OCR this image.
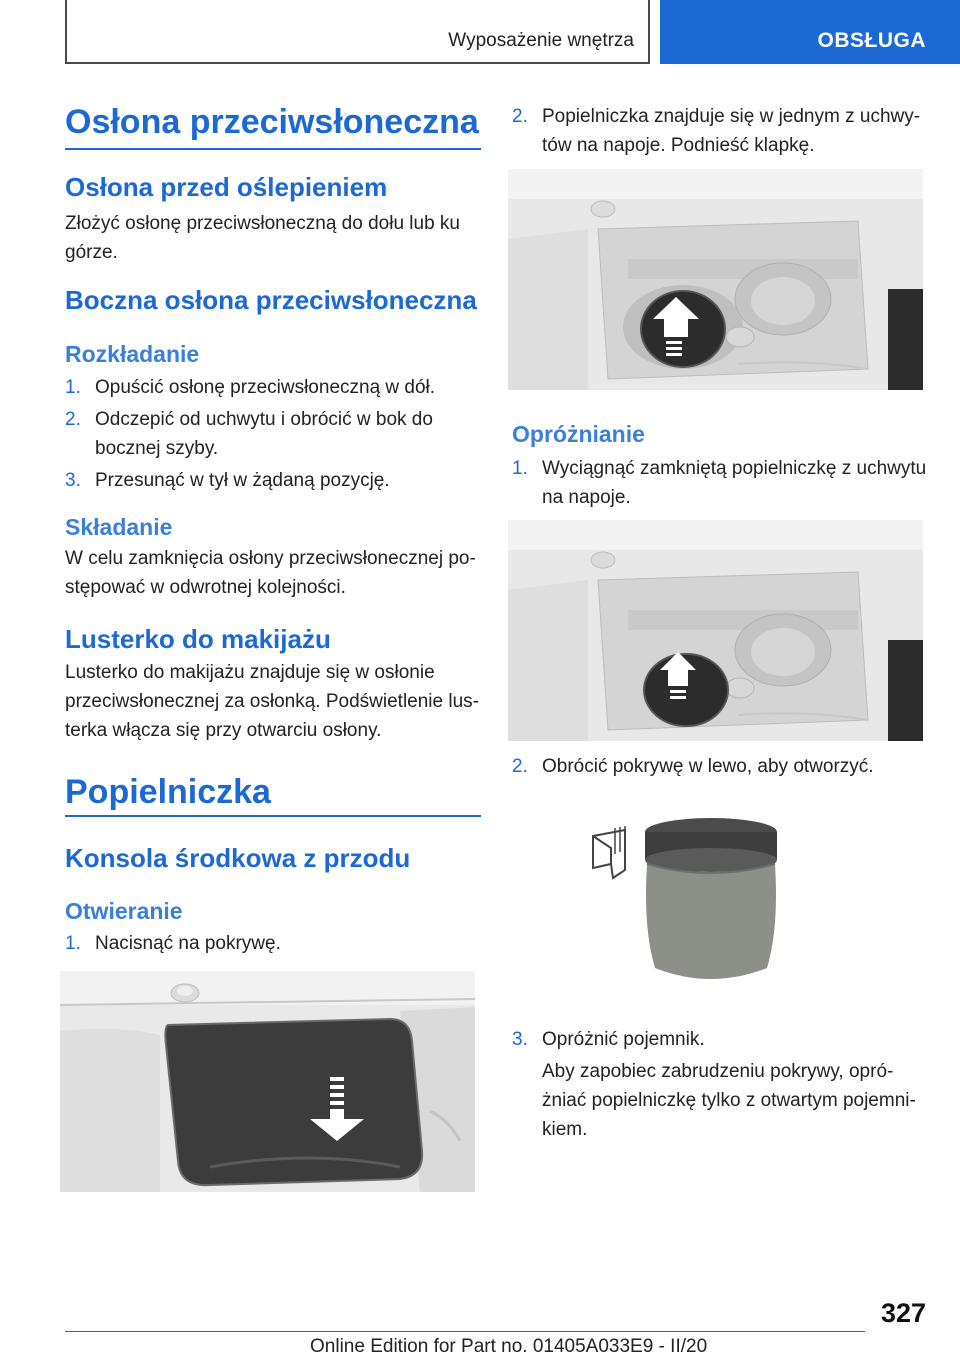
Wyposażenie wnętrza	OBSŁUGA
Osłona przeciwsłoneczna
Osłona przed oślepieniem
Złożyć osłonę przeciwsłoneczną do dołu lub ku
górze.
Boczna osłona przeciwsłoneczna
Rozkładanie
1. Opuścić osłonę przeciwsłoneczną w dół.
2. Odczepić od uchwytu i obrócić w bok do
bocznej szyby.
3. Przesunąć w tył w żądaną pozycję.
Składanie
W celu zamknięcia osłony przeciwsłonecznej po-
stępować w odwrotnej kolejności.
Lusterko do makijażu
Lusterko do makijażu znajduje się w osłonie
przeciwsłonecznej za osłonką. Podświetlenie lus-
terka włącza się przy otwarciu osłony.
Popielniczka
Konsola środkowa z przodu
Otwieranie
1. Nacisnąć na pokrywę.
2. Popielniczka znajduje się w jednym z uchwy-
tów na napoje. Podnieść klapkę.
Opróżnianie
1. Wyciągnąć zamkniętą popielniczkę z uchwytu
na napoje.
2. Obrócić pokrywę w lewo, aby otworzyć.
3. Opróżnić pojemnik.
Aby zapobiec zabrudzeniu pokrywy, opró-
żniać popielniczkę tylko z otwartym pojemni-
kiem.
327
Online Edition for Part no. 01405A033E9 - II/20
